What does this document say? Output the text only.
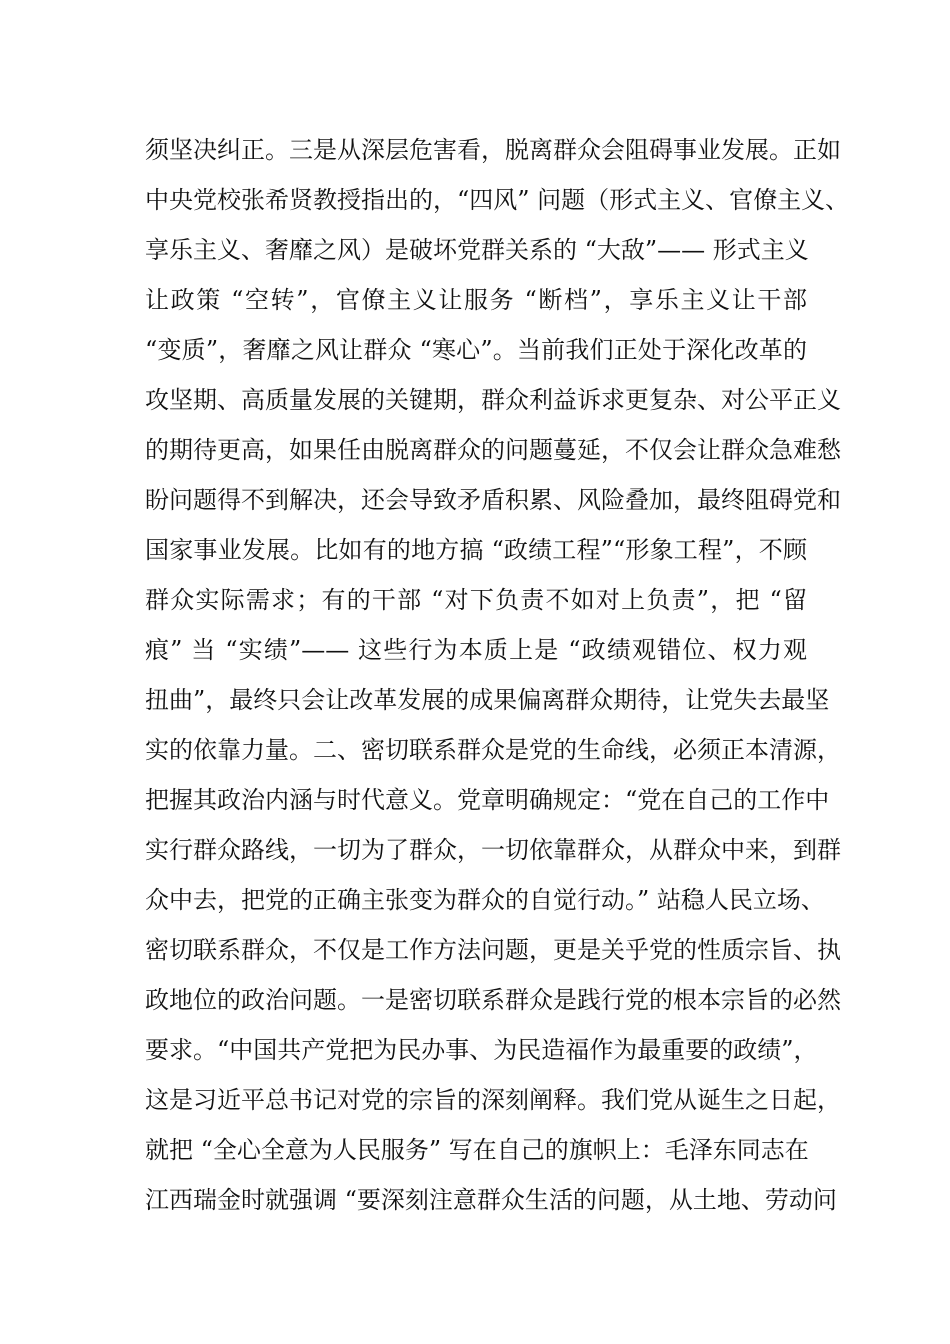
须坚决纠正。三是从深层危害看，脱离群众会阻碍事业发展。正如
中央党校张希贤教授指出的，“四风” 问题（形式主义、官僚主义、
享乐主义、奢靡之风）是破坏党群关系的 “大敌”—— 形式主义
让政策 “空转”，官僚主义让服务 “断档”，享乐主义让干部
“变质”，奢靡之风让群众 “寒心”。当前我们正处于深化改革的
攻坚期、高质量发展的关键期，群众利益诉求更复杂、对公平正义
的期待更高，如果任由脱离群众的问题蔓延，不仅会让群众急难愁
盼问题得不到解决，还会导致矛盾积累、风险叠加，最终阻碍党和
国家事业发展。比如有的地方搞 “政绩工程”“形象工程”，不顾
群众实际需求；有的干部 “对下负责不如对上负责”，把 “留
痕” 当 “实绩”—— 这些行为本质上是 “政绩观错位、权力观
扭曲”，最终只会让改革发展的成果偏离群众期待，让党失去最坚
实的依靠力量。二、密切联系群众是党的生命线，必须正本清源，
把握其政治内涵与时代意义。党章明确规定：“党在自己的工作中
实行群众路线，一切为了群众，一切依靠群众，从群众中来，到群
众中去，把党的正确主张变为群众的自觉行动。” 站稳人民立场、
密切联系群众，不仅是工作方法问题，更是关乎党的性质宗旨、执
政地位的政治问题。一是密切联系群众是践行党的根本宗旨的必然
要求。“中国共产党把为民办事、为民造福作为最重要的政绩”，
这是习近平总书记对党的宗旨的深刻阐释。我们党从诞生之日起，
就把 “全心全意为人民服务” 写在自己的旗帜上：毛泽东同志在
江西瑞金时就强调 “要深刻注意群众生活的问题，从土地、劳动问
